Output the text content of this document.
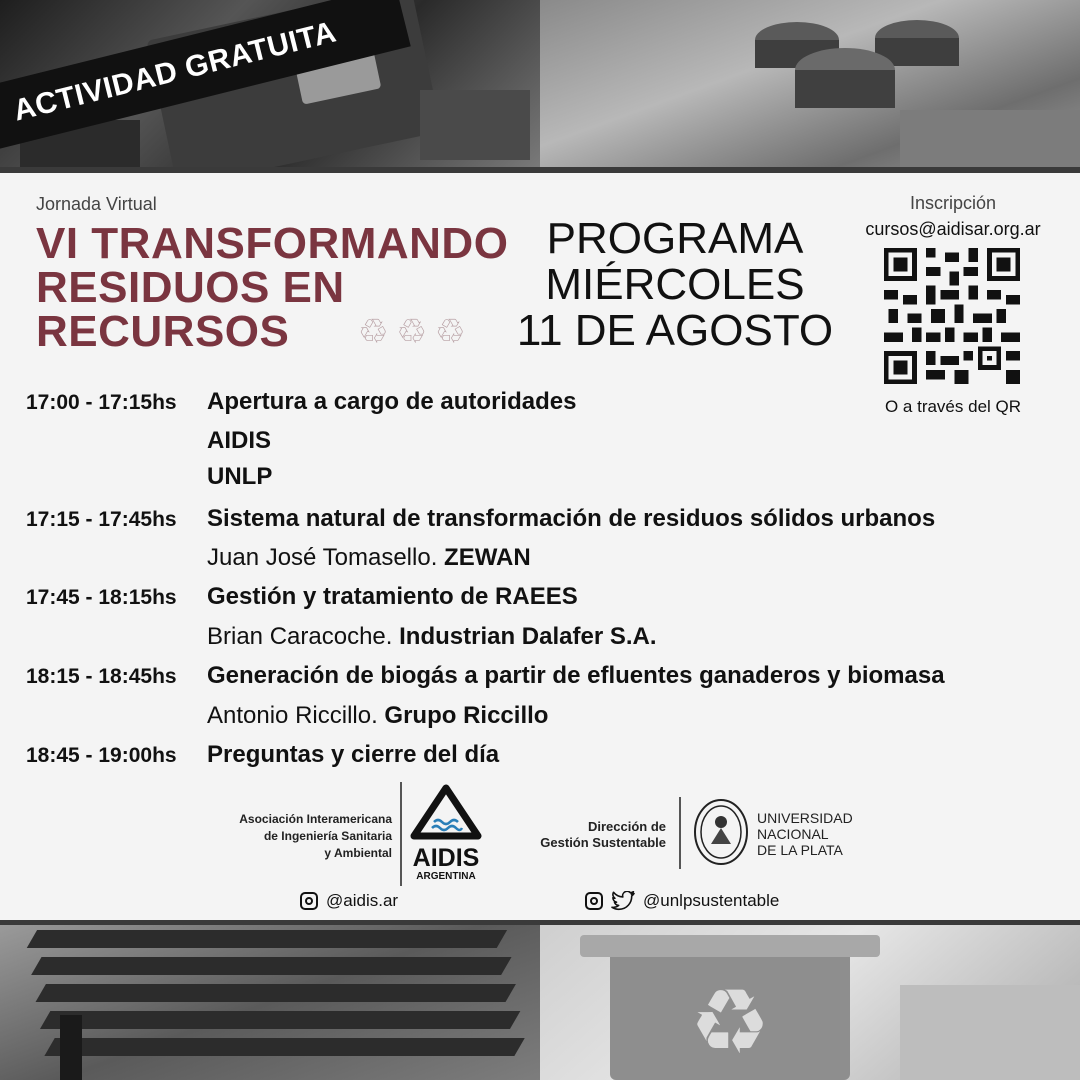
ACTIVIDAD GRATUITA
Jornada Virtual
VI TRANSFORMANDO
RESIDUOS EN
RECURSOS	♲ ♲ ♲
PROGRAMA
MIÉRCOLES
11 DE AGOSTO
Inscripción
cursos@aidisar.org.ar
O a través del QR
17:00 - 17:15hs Apertura a cargo de autoridades
AIDIS
UNLP
17:15 - 17:45hs Sistema natural de transformación de residuos sólidos urbanos
Juan José Tomasello. ZEWAN
17:45 - 18:15hs Gestión y tratamiento de RAEES
Brian Caracoche. Industrian Dalafer S.A.
18:15 - 18:45hs Generación de biogás a partir de efluentes ganaderos y biomasa
Antonio Riccillo. Grupo Riccillo
18:45 - 19:00hs Preguntas y cierre del día
Asociación Interamericana
de Ingeniería Sanitaria
y Ambiental AIDIS
ARGENTINA
Dirección de
Gestión Sustentable
UNIVERSIDAD
NACIONAL
DE LA PLATA
@aidis.ar	@unlpsustentable
♻
